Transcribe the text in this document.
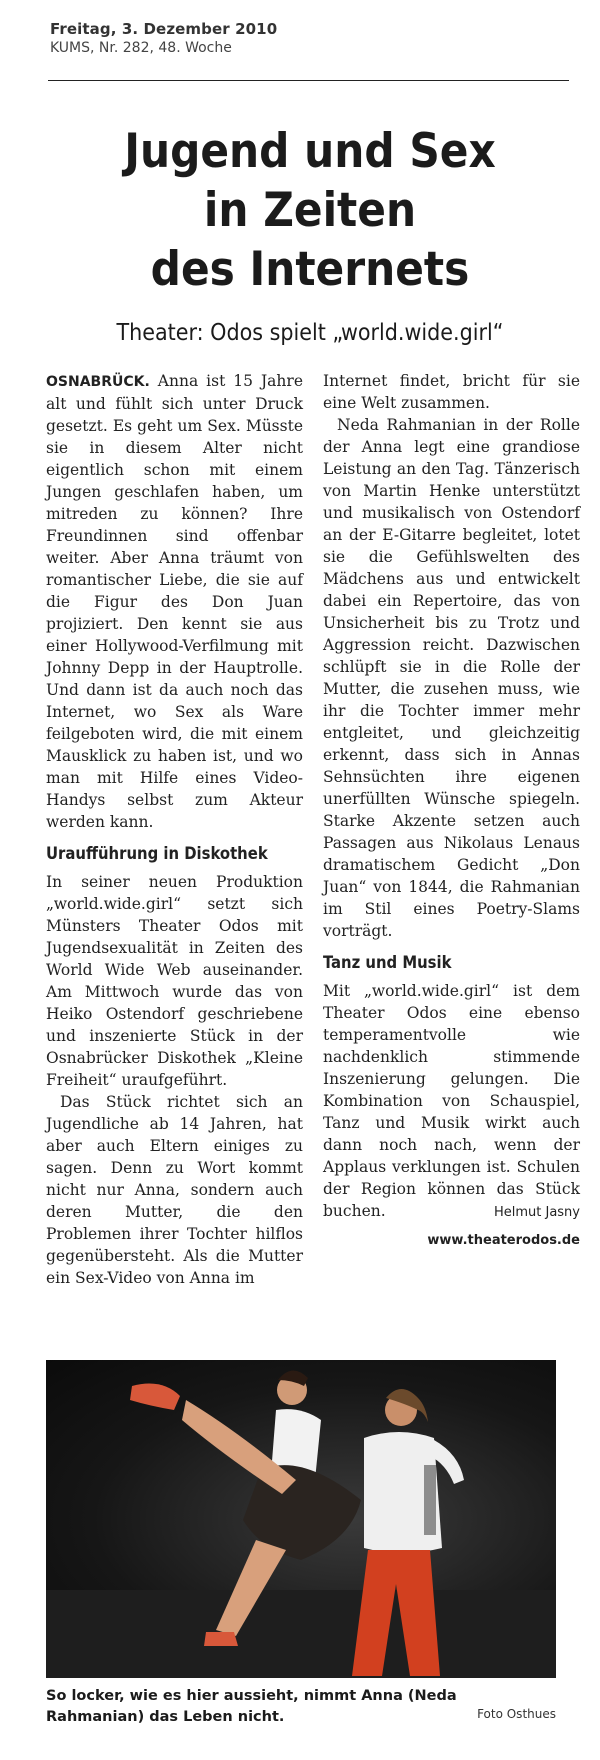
Freitag, 3. Dezember 2010
KUMS, Nr. 282, 48. Woche
Jugend und Sex
in Zeiten
des Internets
Theater: Odos spielt „world.wide.girl“

OSNABRÜCK. Anna ist 15 Jahre alt und fühlt sich unter Druck gesetzt. Es geht um Sex. Müsste sie in diesem Alter nicht eigentlich schon mit einem Jungen geschlafen haben, um mitreden zu können? Ihre Freundinnen sind offenbar weiter. Aber Anna träumt von romantischer Liebe, die sie auf die Figur des Don Juan projiziert. Den kennt sie aus einer Hollywood-Verfilmung mit Johnny Depp in der Hauptrolle. Und dann ist da auch noch das Internet, wo Sex als Ware feilgeboten wird, die mit einem Mausklick zu haben ist, und wo man mit Hilfe eines Video-Handys selbst zum Akteur werden kann.

Uraufführung in Diskothek

In seiner neuen Produktion „world.wide.girl“ setzt sich Münsters Theater Odos mit Jugendsexualität in Zeiten des World Wide Web auseinander. Am Mittwoch wurde das von Heiko Ostendorf geschriebene und inszenierte Stück in der Osnabrücker Diskothek „Kleine Freiheit“ uraufgeführt.

Das Stück richtet sich an Jugendliche ab 14 Jahren, hat aber auch Eltern einiges zu sagen. Denn zu Wort kommt nicht nur Anna, sondern auch deren Mutter, die den Problemen ihrer Tochter hilflos gegenübersteht. Als die Mutter ein Sex-Video von Anna im

Internet findet, bricht für sie eine Welt zusammen.

Neda Rahmanian in der Rolle der Anna legt eine grandiose Leistung an den Tag. Tänzerisch von Martin Henke unterstützt und musikalisch von Ostendorf an der E-Gitarre begleitet, lotet sie die Gefühlswelten des Mädchens aus und entwickelt dabei ein Repertoire, das von Unsicherheit bis zu Trotz und Aggression reicht. Dazwischen schlüpft sie in die Rolle der Mutter, die zusehen muss, wie ihr die Tochter immer mehr entgleitet, und gleichzeitig erkennt, dass sich in Annas Sehnsüchten ihre eigenen unerfüllten Wünsche spiegeln. Starke Akzente setzen auch Passagen aus Nikolaus Lenaus dramatischem Gedicht „Don Juan“ von 1844, die Rahmanian im Stil eines Poetry-Slams vorträgt.

Tanz und Musik

Mit „world.wide.girl“ ist dem Theater Odos eine ebenso temperamentvolle wie nachdenklich stimmende Inszenierung gelungen. Die Kombination von Schauspiel, Tanz und Musik wirkt auch dann noch nach, wenn der Applaus verklungen ist. Schulen der Region können das Stück buchen.	Helmut Jasny
www.theaterodos.de
So locker, wie es hier aussieht, nimmt Anna (Neda Rahmanian) das Leben nicht.	Foto Osthues
